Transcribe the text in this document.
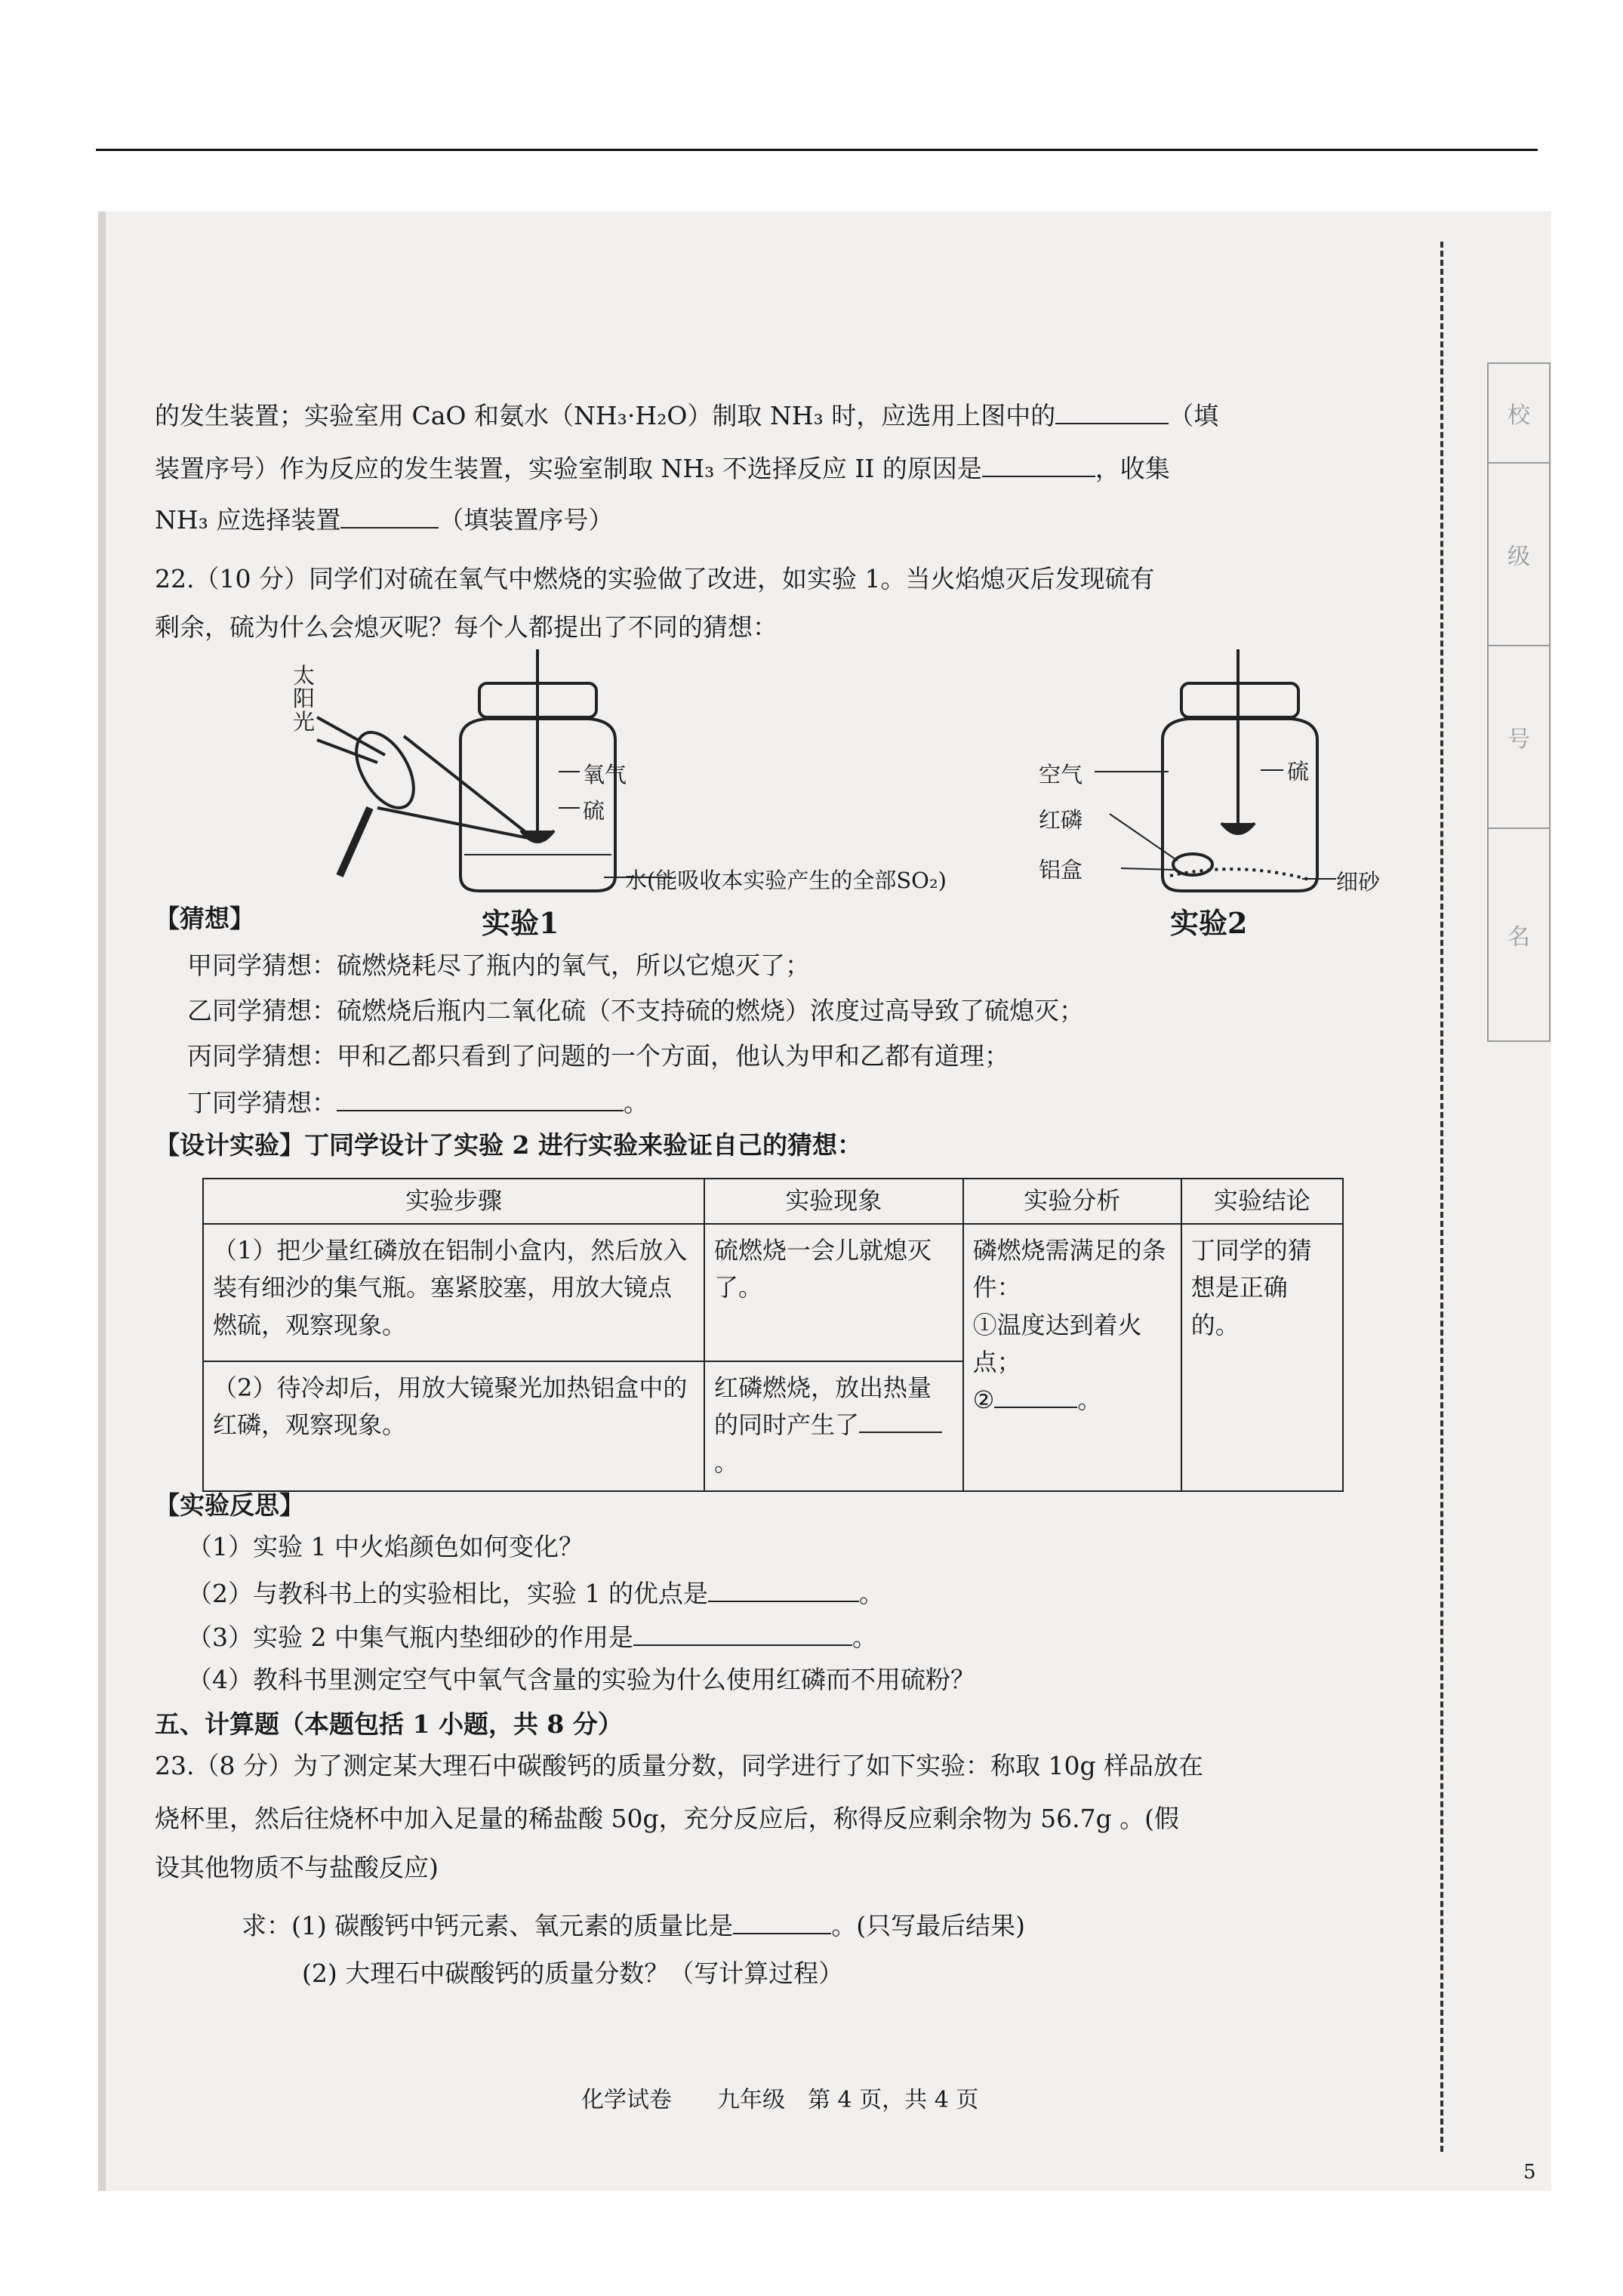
校
级
号
名
的发生装置；实验室用 CaO 和氨水（NH₃·H₂O）制取 NH₃ 时，应选用上图中的	（填
装置序号）作为反应的发生装置，实验室制取 NH₃ 不选择反应 II 的原因是	，收集
NH₃ 应选择装置	（填装置序号）
22.（10 分）同学们对硫在氧气中燃烧的实验做了改进，如实验 1。当火焰熄灭后发现硫有
剩余，硫为什么会熄灭呢？每个人都提出了不同的猜想：
太阳光
氧气
硫
水(能吸收本实验产生的全部SO₂)
实验1
硫
空气
红磷
铝盒	细砂
实验2
【猜想】
甲同学猜想：硫燃烧耗尽了瓶内的氧气，所以它熄灭了；
乙同学猜想：硫燃烧后瓶内二氧化硫（不支持硫的燃烧）浓度过高导致了硫熄灭；
丙同学猜想：甲和乙都只看到了问题的一个方面，他认为甲和乙都有道理；
丁同学猜想：	。
【设计实验】丁同学设计了实验 2 进行实验来验证自己的猜想：
实验步骤	实验现象	实验分析	实验结论
（1）把少量红磷放在铝制小盒内，然后放入装有细沙的集气瓶。塞紧胶塞，用放大镜点燃硫，观察现象。	硫燃烧一会儿就熄灭了。	磷燃烧需满足的条件：
①温度达到着火点；
② 。	丁同学的猜想是正确的。
（2）待冷却后，用放大镜聚光加热铝盒中的红磷，观察现象。	红磷燃烧，放出热量的同时产生了。		
【实验反思】
（1）实验 1 中火焰颜色如何变化？
（2）与教科书上的实验相比，实验 1 的优点是	。
（3）实验 2 中集气瓶内垫细砂的作用是	。
（4）教科书里测定空气中氧气含量的实验为什么使用红磷而不用硫粉？
五、计算题（本题包括 1 小题，共 8 分）
23.（8 分）为了测定某大理石中碳酸钙的质量分数，同学进行了如下实验：称取 10g 样品放在
烧杯里，然后往烧杯中加入足量的稀盐酸 50g，充分反应后，称得反应剩余物为 56.7g 。(假
设其他物质不与盐酸反应)
求：(1) 碳酸钙中钙元素、氧元素的质量比是	。(只写最后结果)
(2) 大理石中碳酸钙的质量分数？（写计算过程）
化学试卷　　九年级　第 4 页，共 4 页
5
